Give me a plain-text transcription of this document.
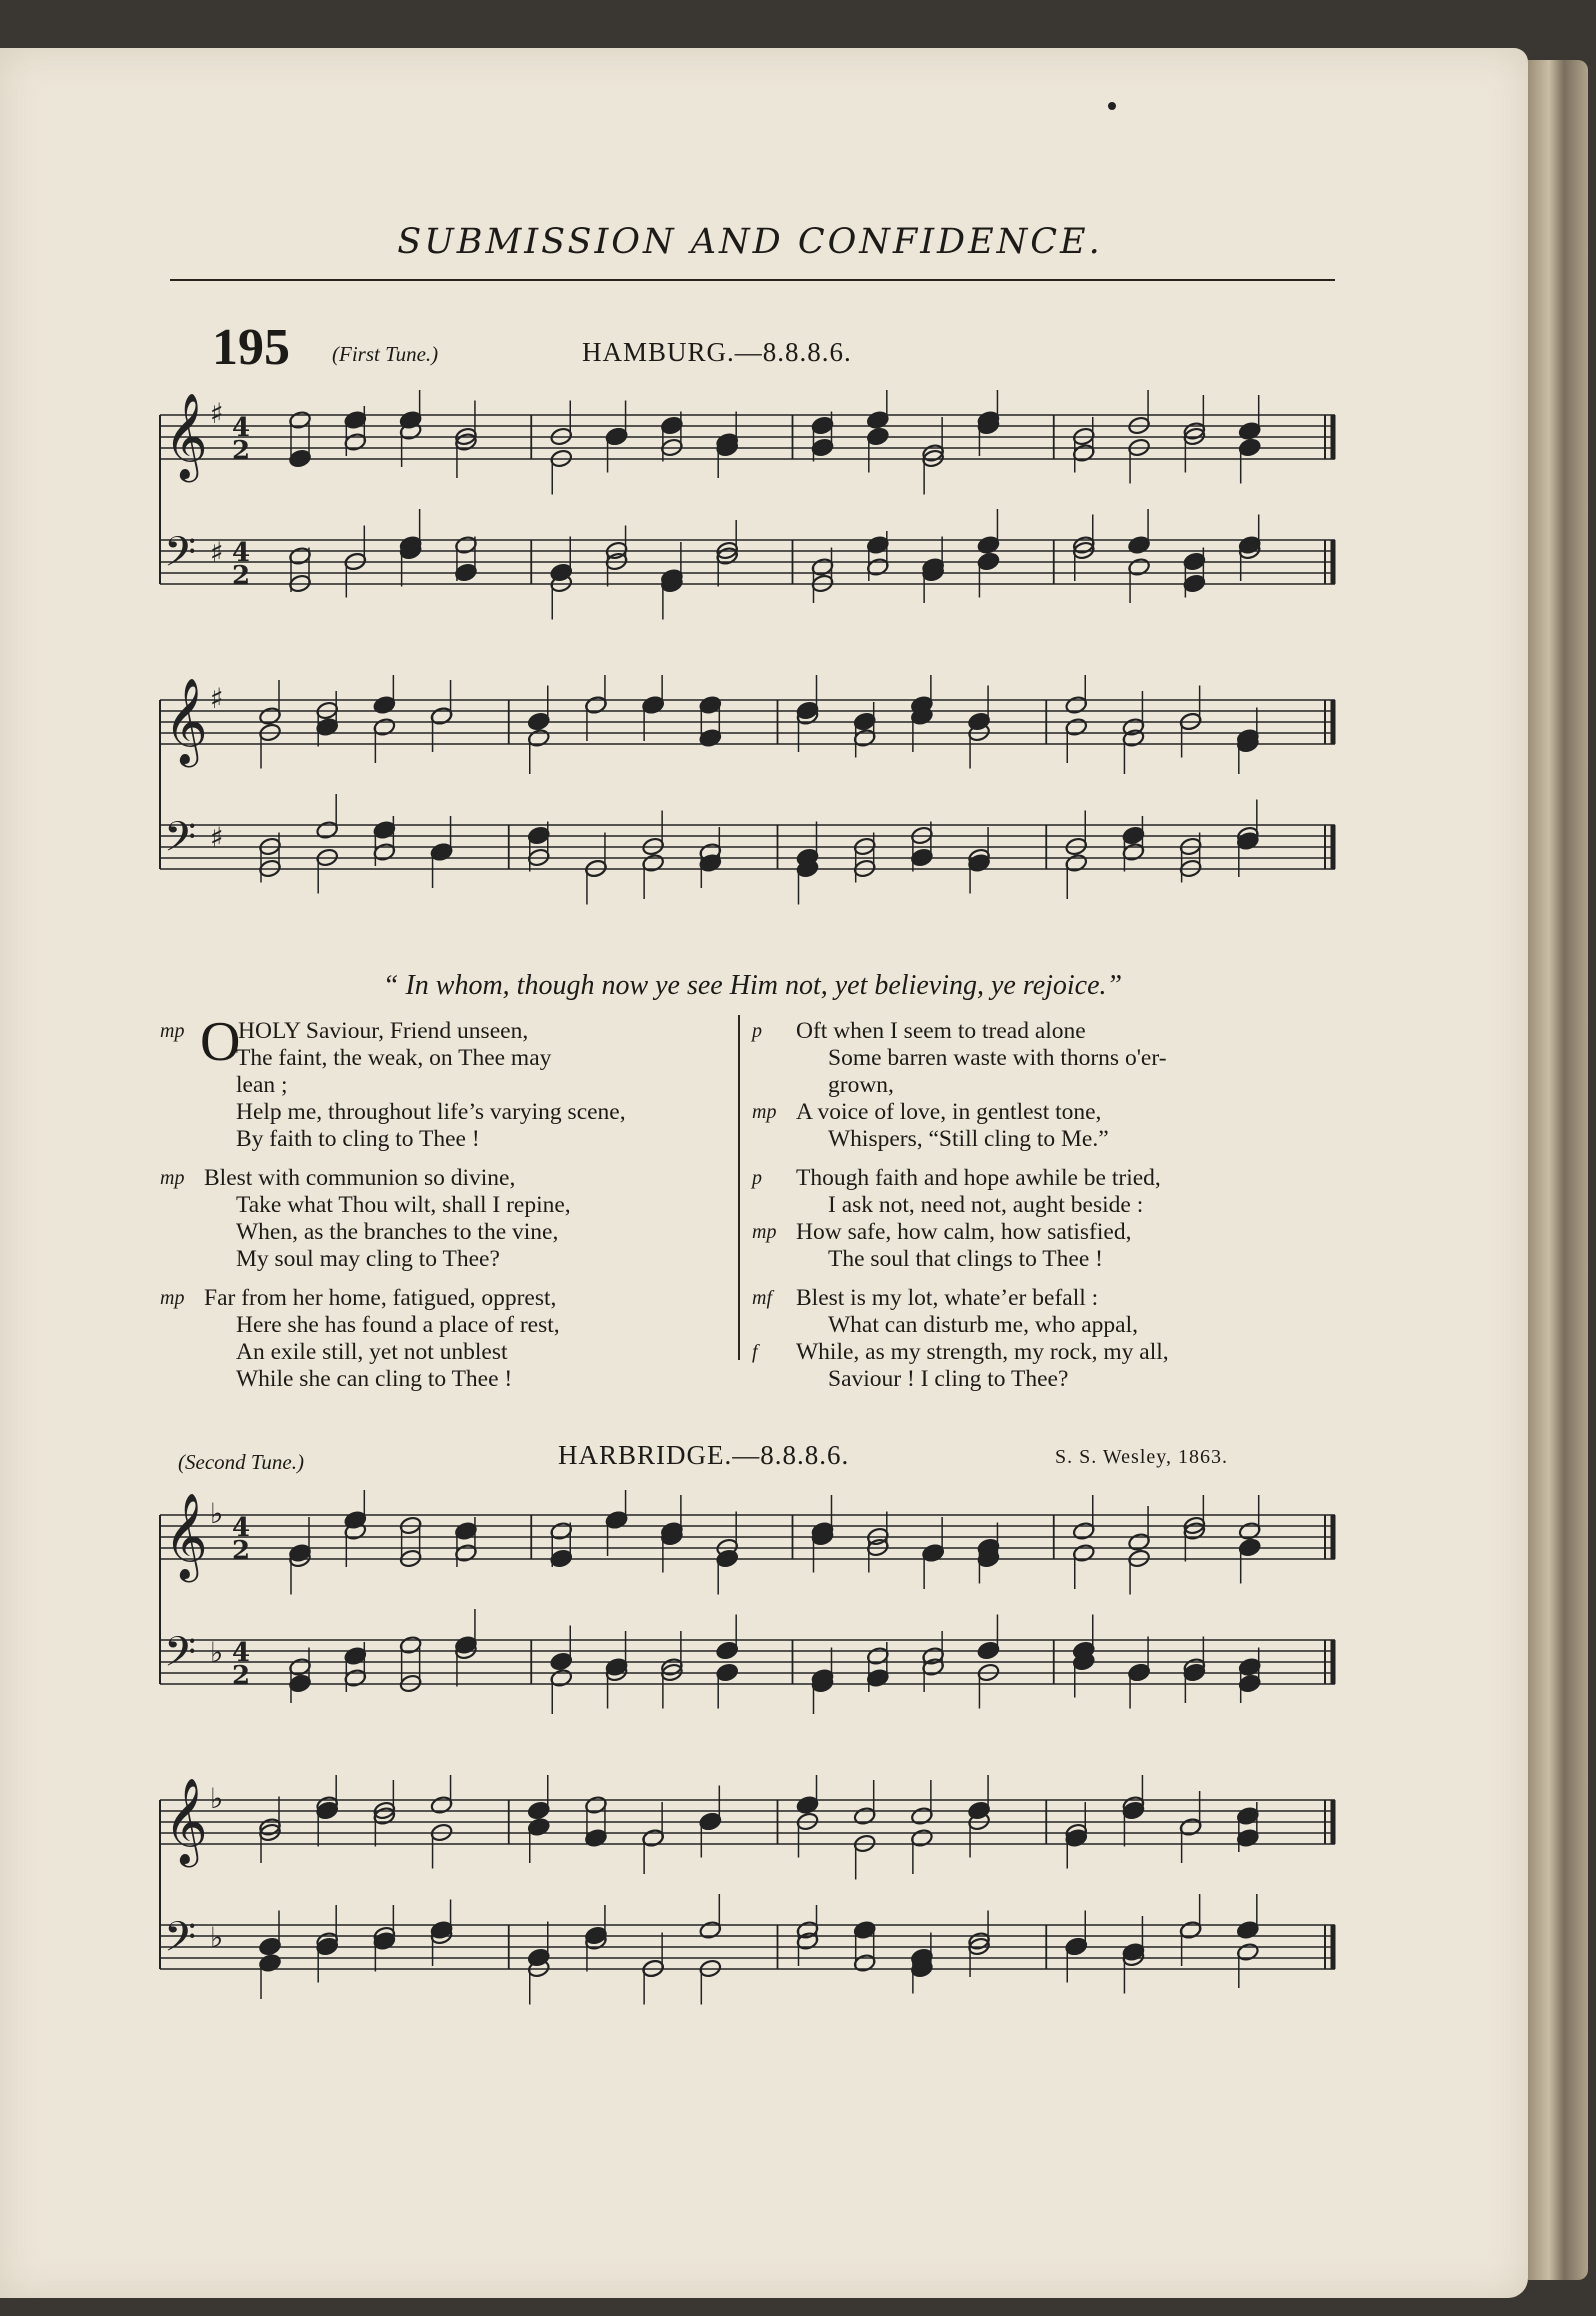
SUBMISSION AND CONFIDENCE.
195 (First Tune.)	HAMBURG.—8.8.8.6.
𝄞
𝄢
♯
♯
4
2
4
2
𝄞
𝄢
♯
♯
“ In whom, though now ye see Him not, yet believing, ye rejoice.”
mp O
HOLY Saviour, Friend unseen,
The faint, the weak, on Thee may
lean ;
Help me, throughout life’s varying scene,
By faith to cling to Thee !
mp Blest with communion so divine,
Take what Thou wilt, shall I repine,
When, as the branches to the vine,
My soul may cling to Thee?
mp Far from her home, fatigued, opprest,
Here she has found a place of rest,
An exile still, yet not unblest
While she can cling to Thee !
p Oft when I seem to tread alone
Some barren waste with thorns o'er-
grown,
mp A voice of love, in gentlest tone,
Whispers, “Still cling to Me.”
p Though faith and hope awhile be tried,
I ask not, need not, aught beside :
mp How safe, how calm, how satisfied,
The soul that clings to Thee !
mf Blest is my lot, whate’er befall :
What can disturb me, who appal,
f While, as my strength, my rock, my all,
Saviour ! I cling to Thee?
(Second Tune.)	HARBRIDGE.—8.8.8.6.	S. S. Wesley, 1863.
𝄞
𝄢
♭
♭
4
2
4
2
𝄞
𝄢
♭
♭
